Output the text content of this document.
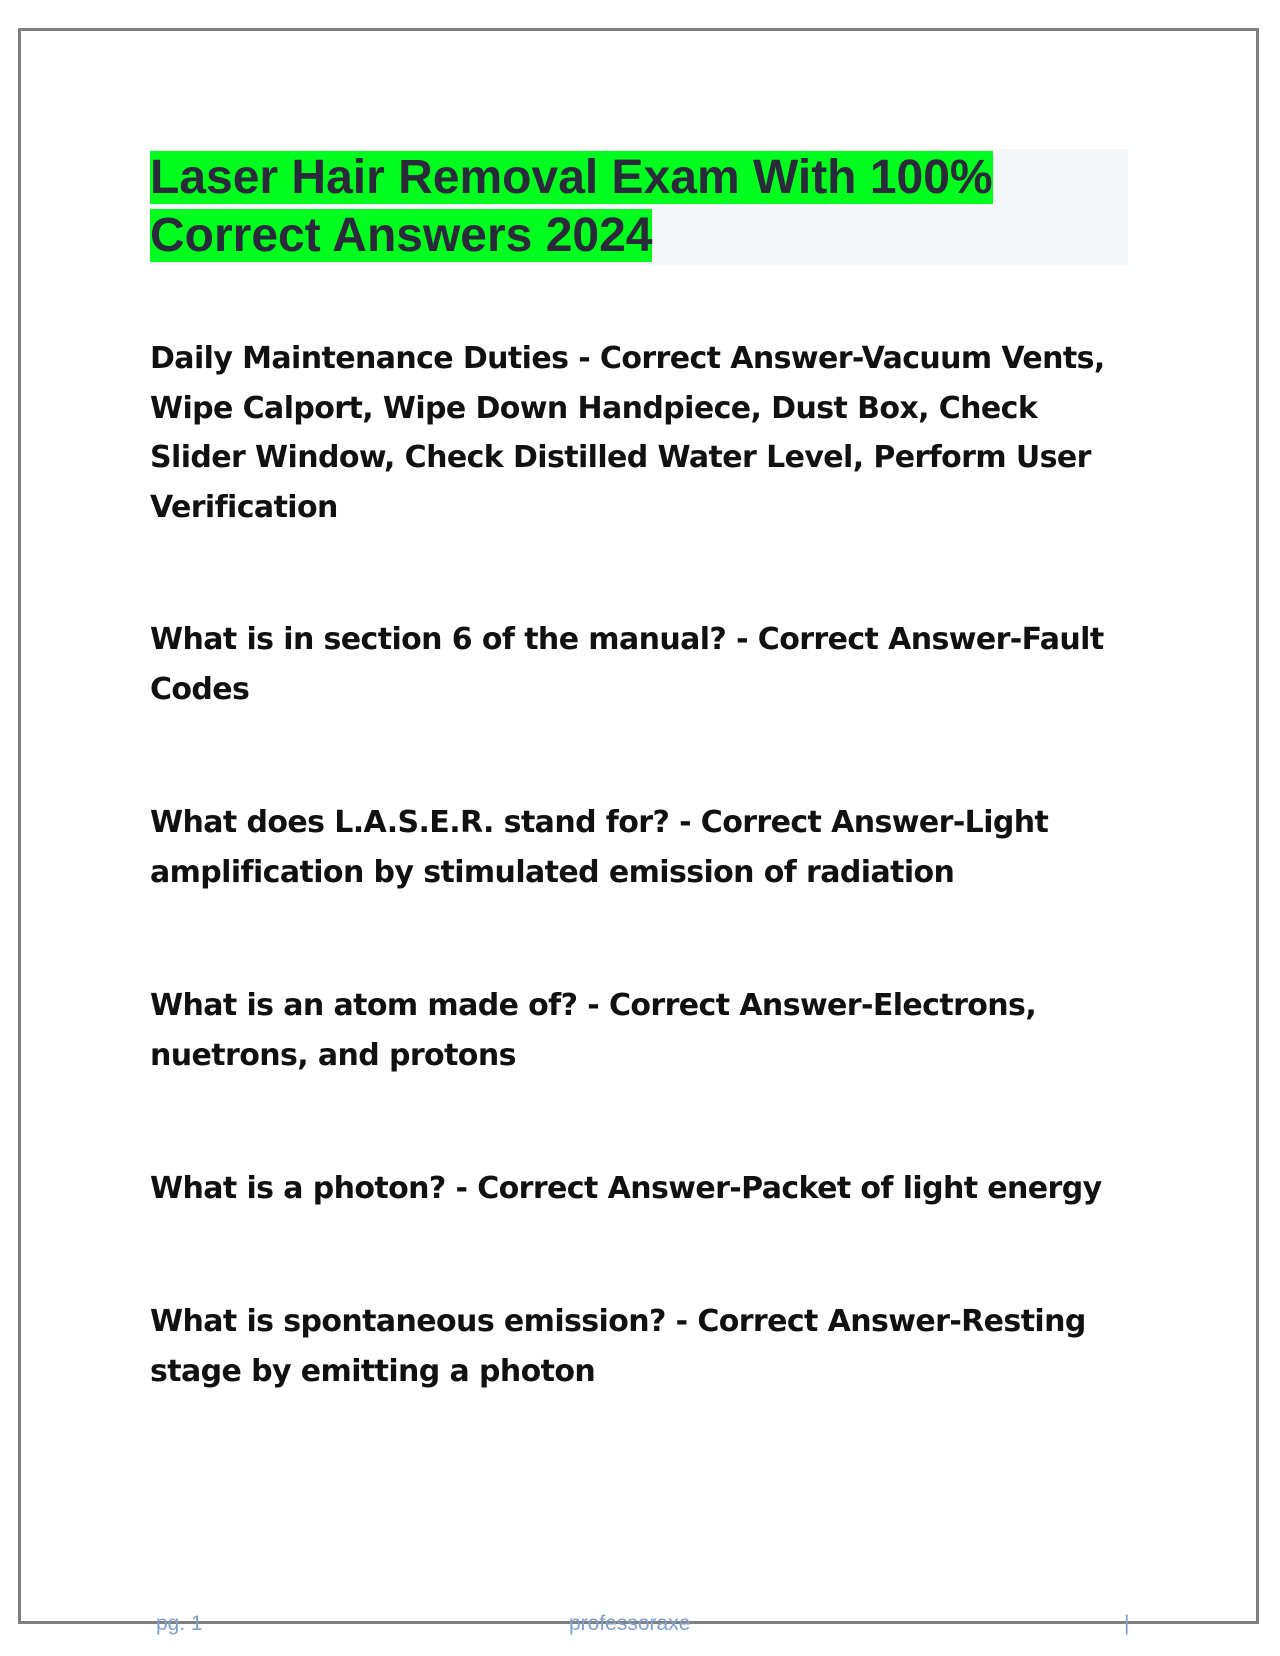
Laser Hair Removal Exam With 100%
Correct Answers 2024

Daily Maintenance Duties - Correct Answer-Vacuum Vents, Wipe Calport, Wipe Down Handpiece, Dust Box, Check Slider Window, Check Distilled Water Level, Perform User Verification

What is in section 6 of the manual? - Correct Answer-Fault Codes

What does L.A.S.E.R. stand for? - Correct Answer-Light amplification by stimulated emission of radiation

What is an atom made of? - Correct Answer-Electrons, nuetrons, and protons

What is a photon? - Correct Answer-Packet of light energy

What is spontaneous emission? - Correct Answer-Resting stage by emitting a photon

pg. 1	professoraxe	|
